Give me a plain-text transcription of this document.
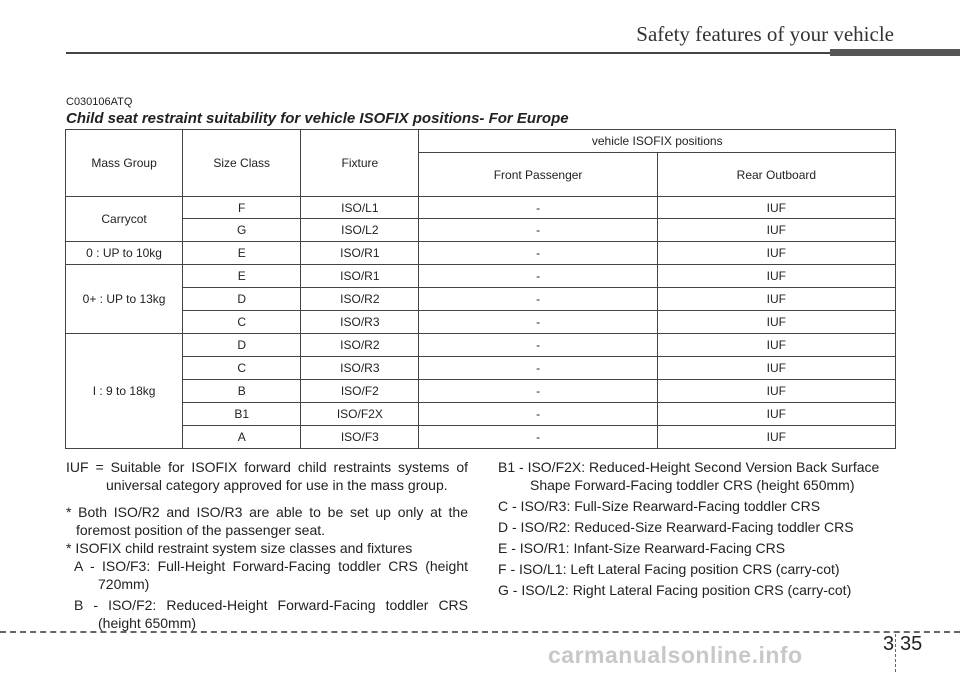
Safety features of your vehicle
C030106ATQ
Child seat restraint suitability for vehicle ISOFIX positions- For Europe
Mass Group	Size Class	Fixture	vehicle ISOFIX positions	
			Front Passenger	Rear Outboard
Carrycot	F	ISO/L1	-	IUF
	G	ISO/L2	-	IUF
0 : UP to 10kg	E	ISO/R1	-	IUF
0+ : UP to 13kg	E	ISO/R1	-	IUF
	D	ISO/R2	-	IUF
	C	ISO/R3	-	IUF
I : 9 to 18kg	D	ISO/R2	-	IUF
	C	ISO/R3	-	IUF
	B	ISO/F2	-	IUF
	B1	ISO/F2X	-	IUF
	A	ISO/F3	-	IUF

IUF = Suitable for ISOFIX forward child restraints systems of universal category approved for use in the mass group.

* Both ISO/R2 and ISO/R3 are able to be set up only at the foremost position of the passenger seat.

* ISOFIX child restraint system size classes and fixtures

A - ISO/F3: Full-Height Forward-Facing toddler CRS (height 720mm)

B - ISO/F2: Reduced-Height Forward-Facing toddler CRS (height 650mm)

B1 - ISO/F2X: Reduced-Height Second Version Back Surface Shape Forward-Facing toddler CRS (height 650mm)

C - ISO/R3: Full-Size Rearward-Facing toddler CRS

D - ISO/R2: Reduced-Size Rearward-Facing toddler CRS

E - ISO/R1: Infant-Size Rearward-Facing CRS

F - ISO/L1: Left Lateral Facing position CRS (carry-cot)

G - ISO/L2: Right Lateral Facing position CRS (carry-cot)

3 35
carmanualsonline.info
